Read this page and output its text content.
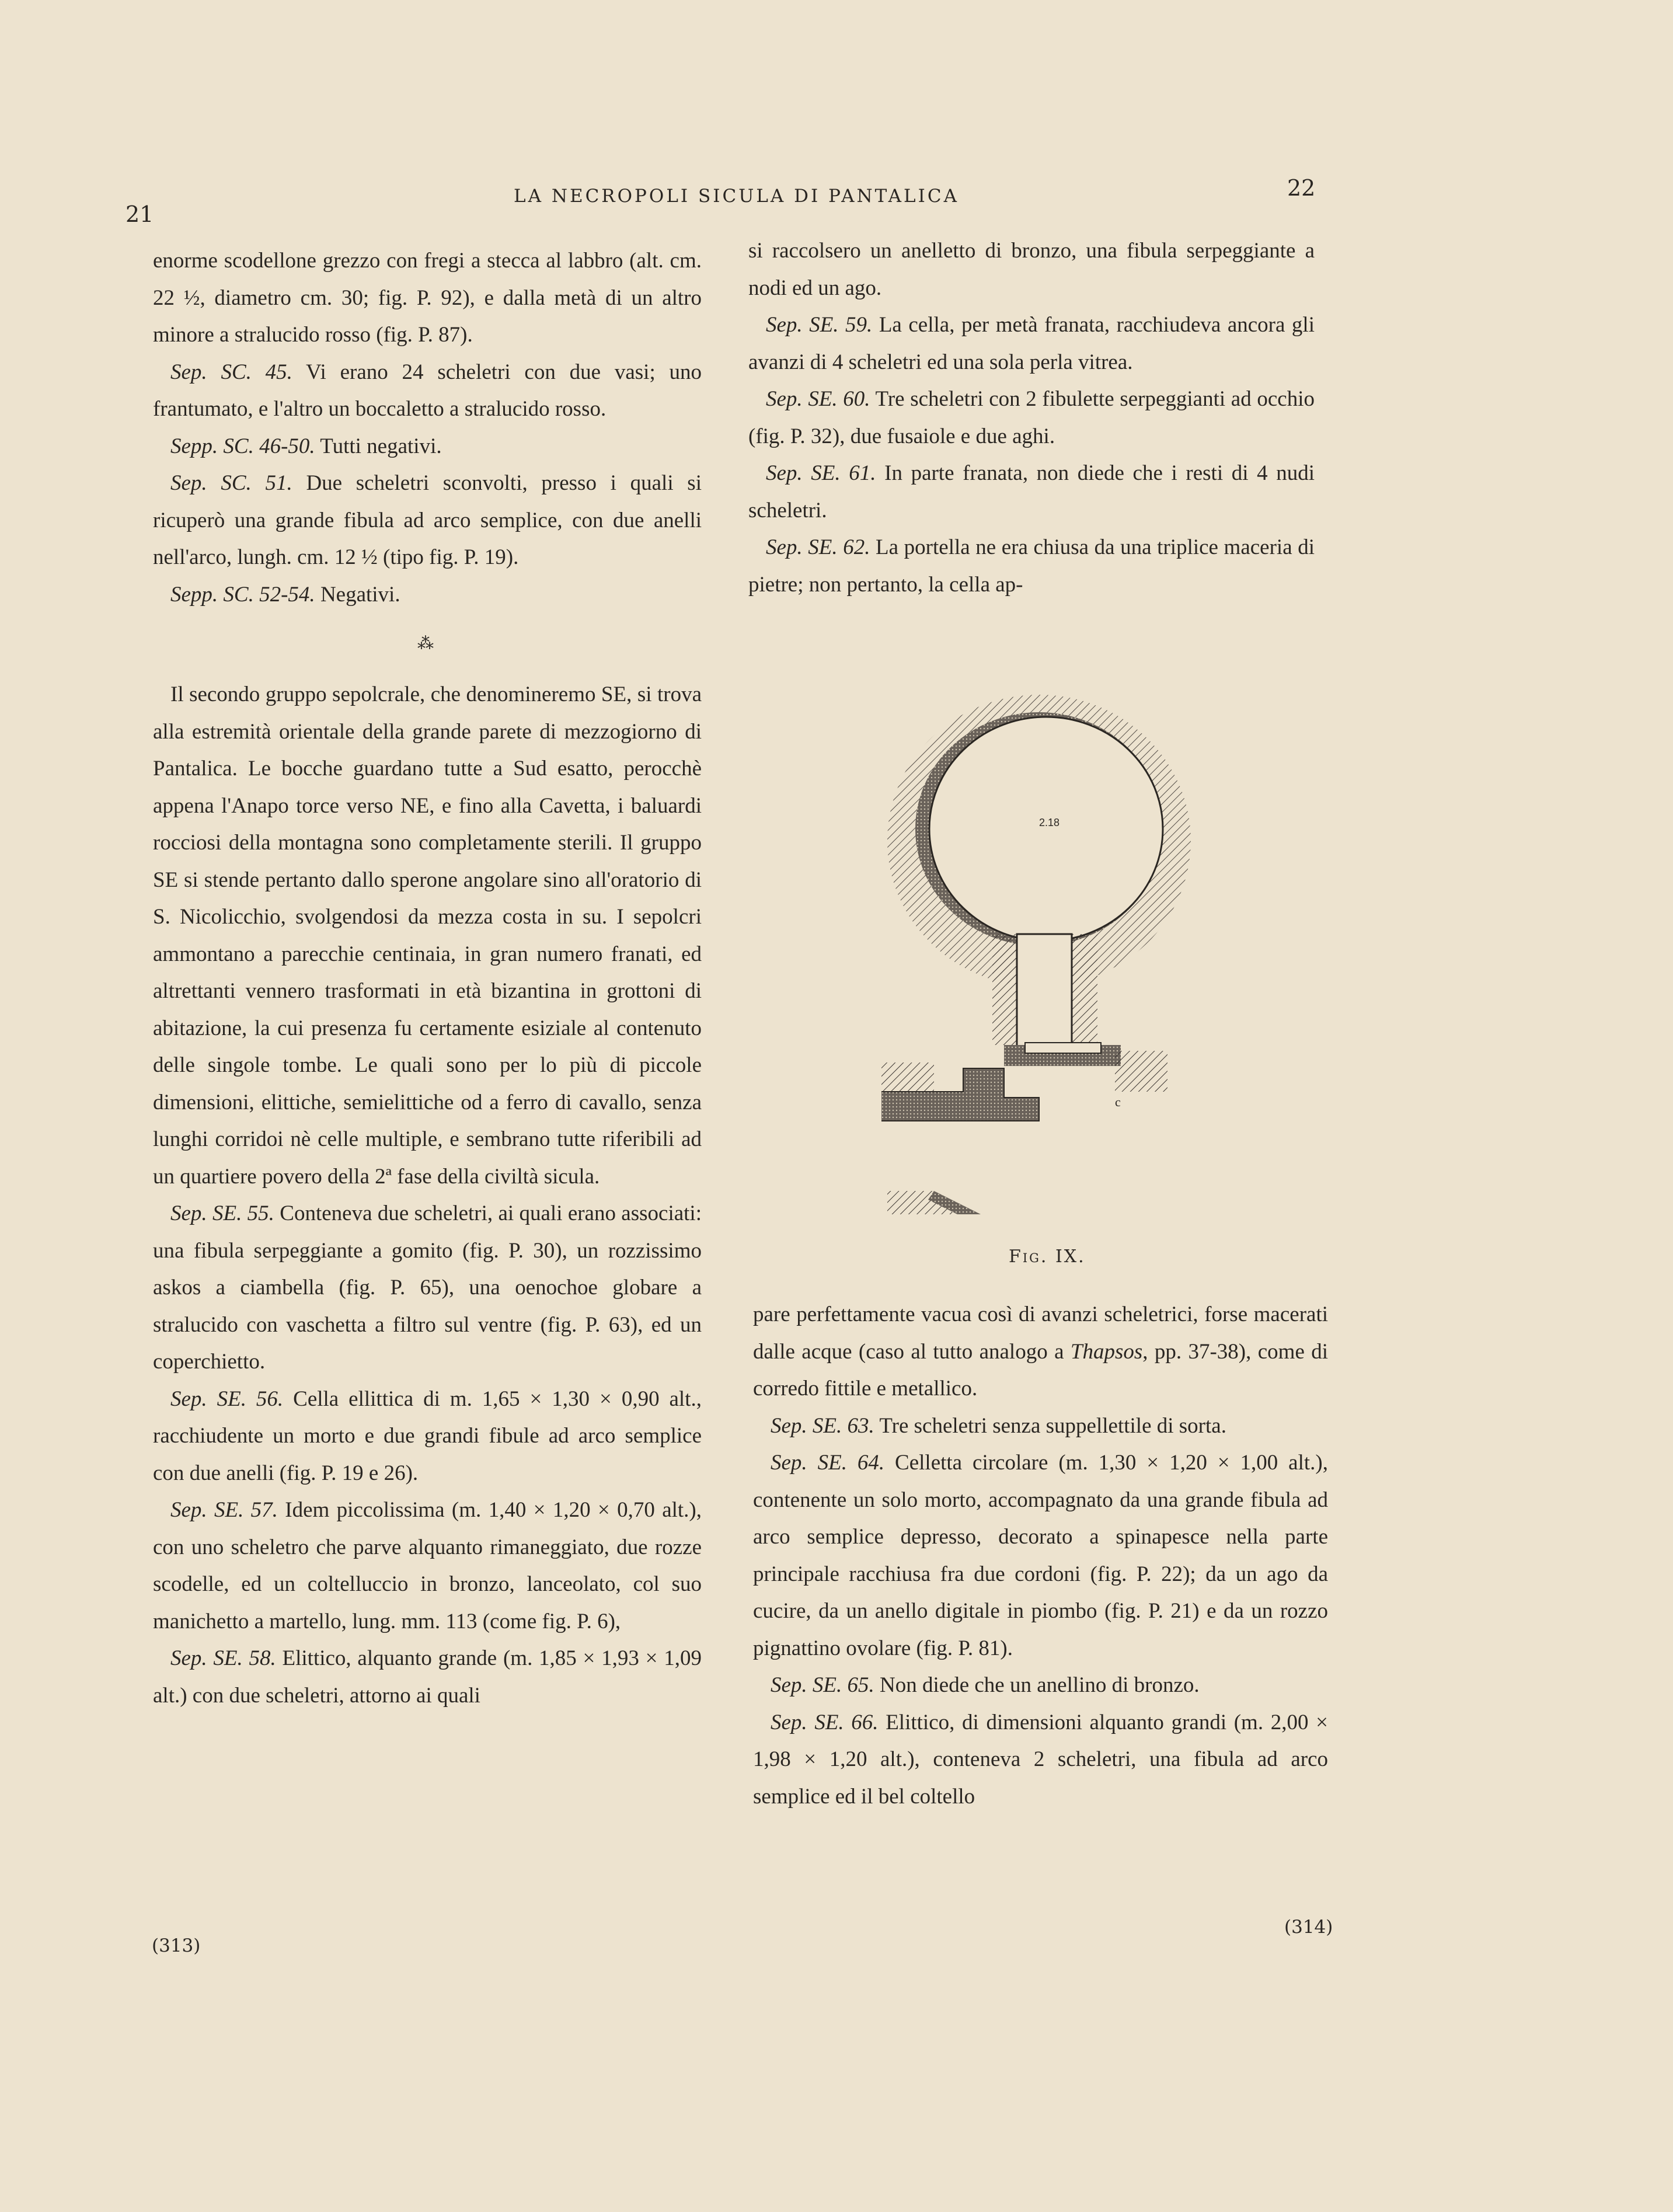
21
LA NECROPOLI SICULA DI PANTALICA	22

enorme scodellone grezzo con fregi a stecca al labbro (alt. cm. 22 ½, diametro cm. 30; fig. P. 92), e dalla metà di un altro minore a stralucido rosso (fig. P. 87).

Sep. SC. 45. Vi erano 24 scheletri con due vasi; uno frantumato, e l'altro un boccaletto a stralucido rosso.

Sepp. SC. 46-50. Tutti negativi.

Sep. SC. 51. Due scheletri sconvolti, presso i quali si ricuperò una grande fibula ad arco semplice, con due anelli nell'arco, lungh. cm. 12 ½ (tipo fig. P. 19).

Sepp. SC. 52-54. Negativi.

⁂

Il secondo gruppo sepolcrale, che denomineremo SE, si trova alla estremità orientale della grande parete di mezzogiorno di Pantalica. Le bocche guardano tutte a Sud esatto, perocchè appena l'Anapo torce verso NE, e fino alla Cavetta, i baluardi rocciosi della montagna sono completamente sterili. Il gruppo SE si stende pertanto dallo sperone angolare sino all'oratorio di S. Nicolicchio, svolgendosi da mezza costa in su. I sepolcri ammontano a parecchie centinaia, in gran numero franati, ed altrettanti vennero trasformati in età bizantina in grottoni di abitazione, la cui presenza fu certamente esiziale al contenuto delle singole tombe. Le quali sono per lo più di piccole dimensioni, elittiche, semielittiche od a ferro di cavallo, senza lunghi corridoi nè celle multiple, e sembrano tutte riferibili ad un quartiere povero della 2ª fase della civiltà sicula.

Sep. SE. 55. Conteneva due scheletri, ai quali erano associati: una fibula serpeggiante a gomito (fig. P. 30), un rozzissimo askos a ciambella (fig. P. 65), una oenochoe globare a stralucido con vaschetta a filtro sul ventre (fig. P. 63), ed un coperchietto.

Sep. SE. 56. Cella ellittica di m. 1,65 × 1,30 × 0,90 alt., racchiudente un morto e due grandi fibule ad arco semplice con due anelli (fig. P. 19 e 26).

Sep. SE. 57. Idem piccolissima (m. 1,40 × 1,20 × 0,70 alt.), con uno scheletro che parve alquanto rimaneggiato, due rozze scodelle, ed un coltelluccio in bronzo, lanceolato, col suo manichetto a martello, lung. mm. 113 (come fig. P. 6),

Sep. SE. 58. Elittico, alquanto grande (m. 1,85 × 1,93 × 1,09 alt.) con due scheletri, attorno ai quali

si raccolsero un anelletto di bronzo, una fibula serpeggiante a nodi ed un ago.

Sep. SE. 59. La cella, per metà franata, racchiudeva ancora gli avanzi di 4 scheletri ed una sola perla vitrea.

Sep. SE. 60. Tre scheletri con 2 fibulette serpeggianti ad occhio (fig. P. 32), due fusaiole e due aghi.

Sep. SE. 61. In parte franata, non diede che i resti di 4 nudi scheletri.

Sep. SE. 62. La portella ne era chiusa da una triplice maceria di pietre; non pertanto, la cella ap-

2.18
c
Fig. IX.

pare perfettamente vacua così di avanzi scheletrici, forse macerati dalle acque (caso al tutto analogo a Thapsos, pp. 37-38), come di corredo fittile e metallico.

Sep. SE. 63. Tre scheletri senza suppellettile di sorta.

Sep. SE. 64. Celletta circolare (m. 1,30 × 1,20 × 1,00 alt.), contenente un solo morto, accompagnato da una grande fibula ad arco semplice depresso, decorato a spinapesce nella parte principale racchiusa fra due cordoni (fig. P. 22); da un ago da cucire, da un anello digitale in piombo (fig. P. 21) e da un rozzo pignattino ovolare (fig. P. 81).

Sep. SE. 65. Non diede che un anellino di bronzo.

Sep. SE. 66. Elittico, di dimensioni alquanto grandi (m. 2,00 × 1,98 × 1,20 alt.), conteneva 2 scheletri, una fibula ad arco semplice ed il bel coltello

(313)
(314)
